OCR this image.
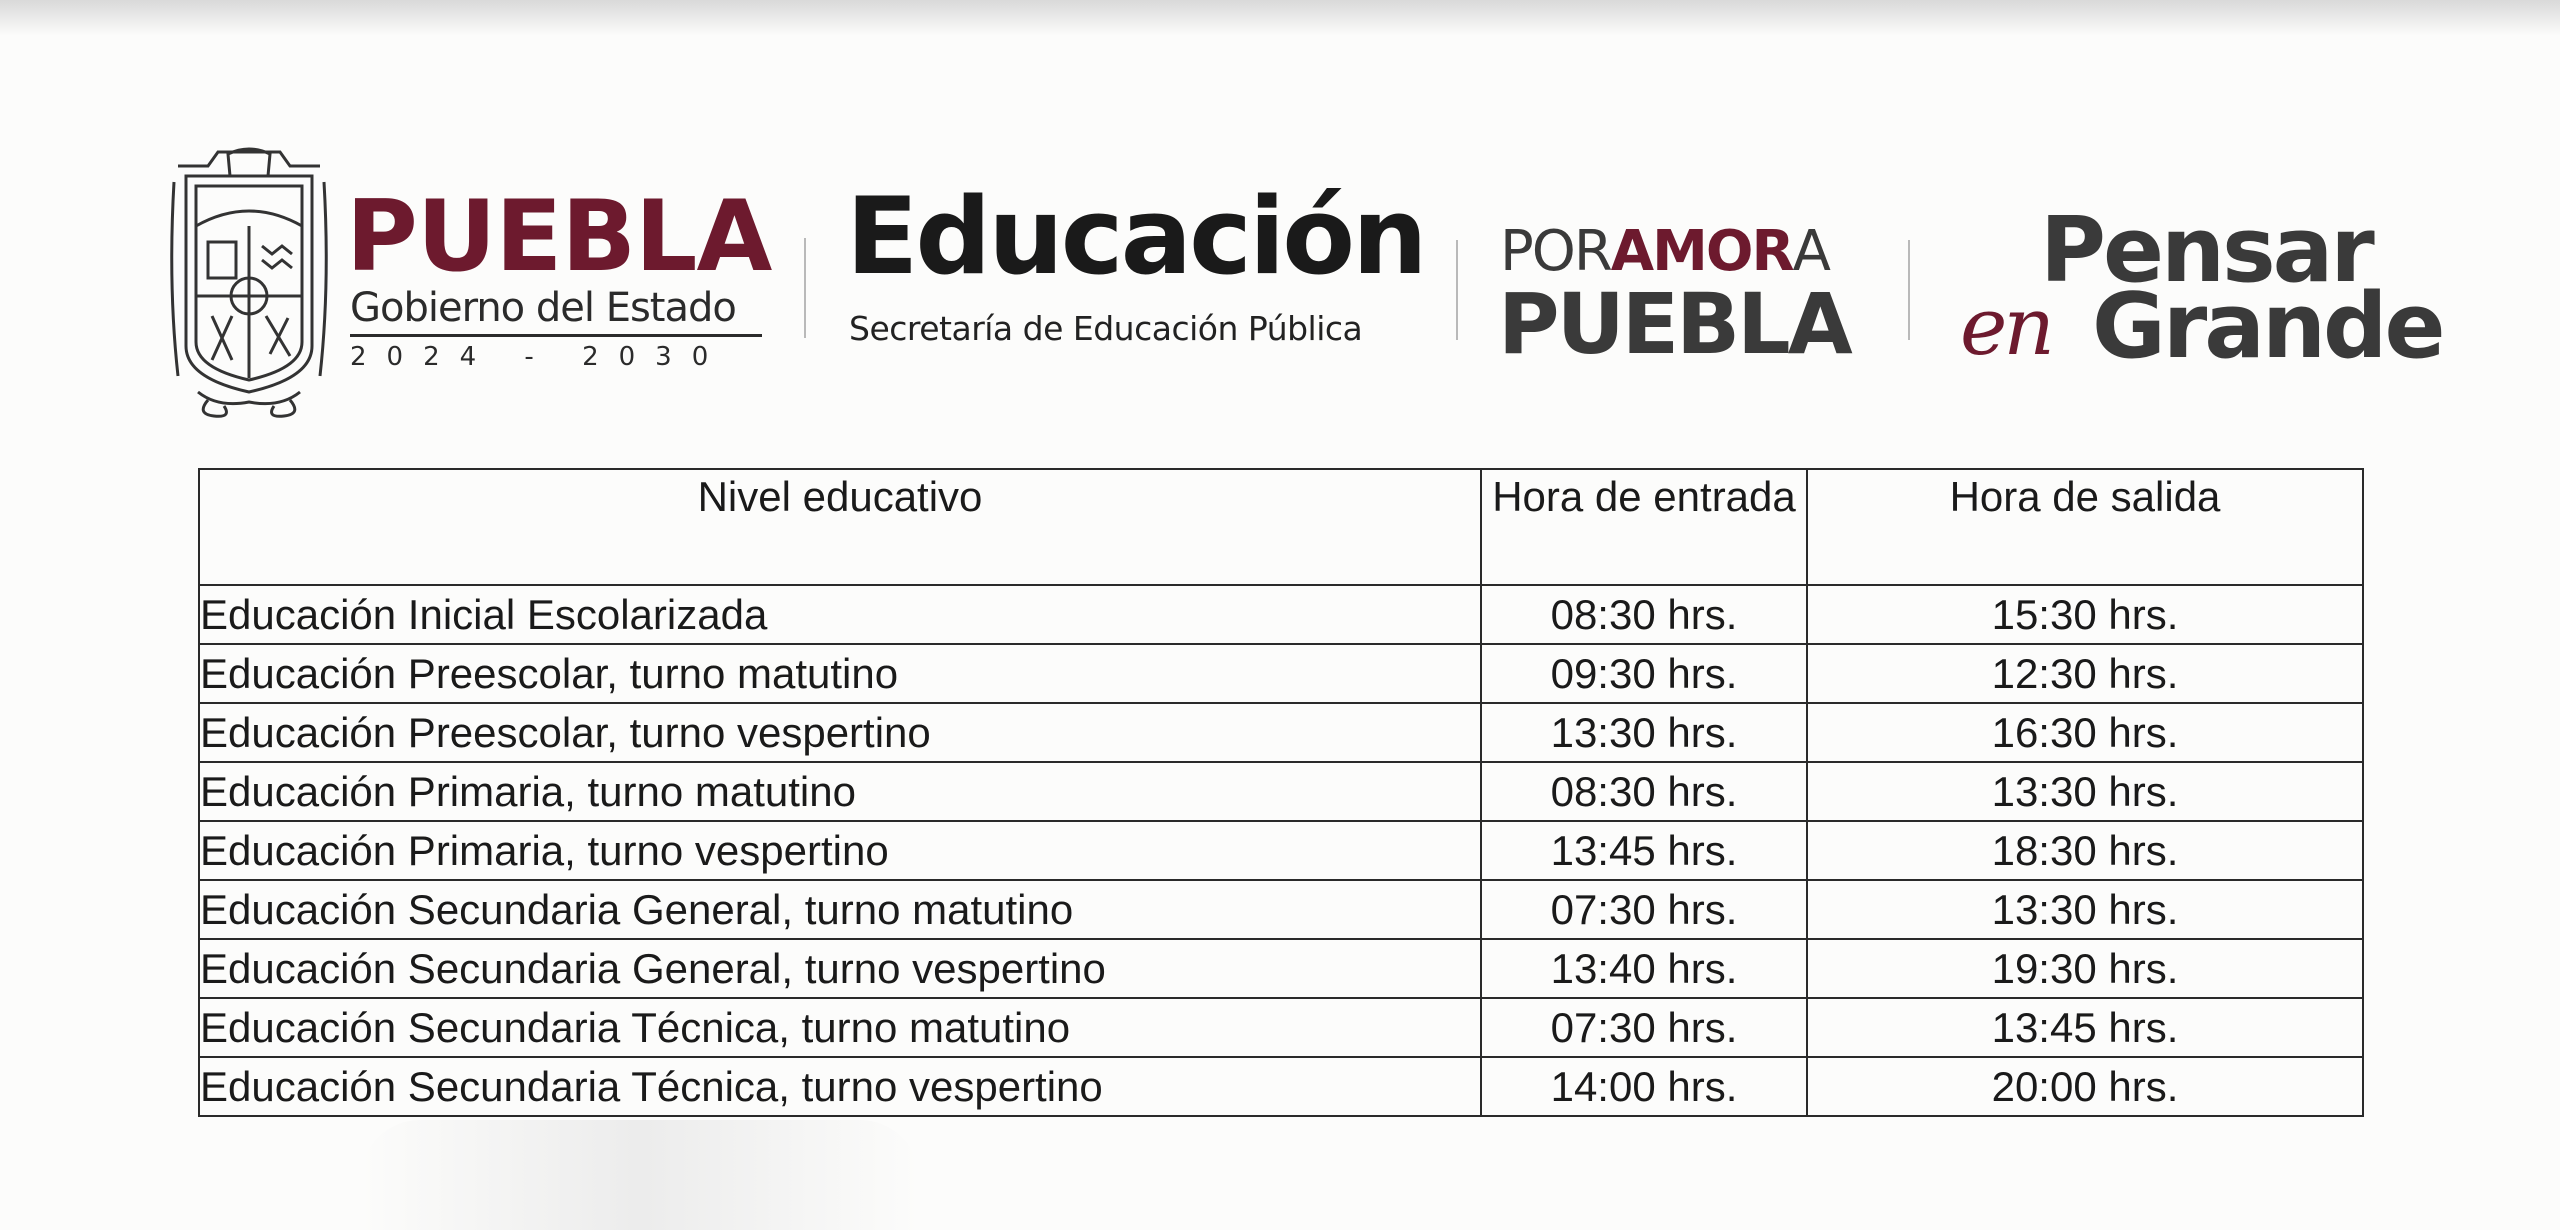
PUEBLA
Gobierno del Estado
2024 - 2030
Educación
Secretaría de Educación Pública
PORAMORA
PUEBLA
Pensar
en Grande
Nivel educativo	Hora de entrada	Hora de salida
Educación Inicial Escolarizada	08:30 hrs.	15:30 hrs.
Educación Preescolar, turno matutino	09:30 hrs.	12:30 hrs.
Educación Preescolar, turno vespertino	13:30 hrs.	16:30 hrs.
Educación Primaria, turno matutino	08:30 hrs.	13:30 hrs.
Educación Primaria, turno vespertino	13:45 hrs.	18:30 hrs.
Educación Secundaria General, turno matutino	07:30 hrs.	13:30 hrs.
Educación Secundaria General, turno vespertino	13:40 hrs.	19:30 hrs.
Educación Secundaria Técnica, turno matutino	07:30 hrs.	13:45 hrs.
Educación Secundaria Técnica, turno vespertino	14:00 hrs.	20:00 hrs.
